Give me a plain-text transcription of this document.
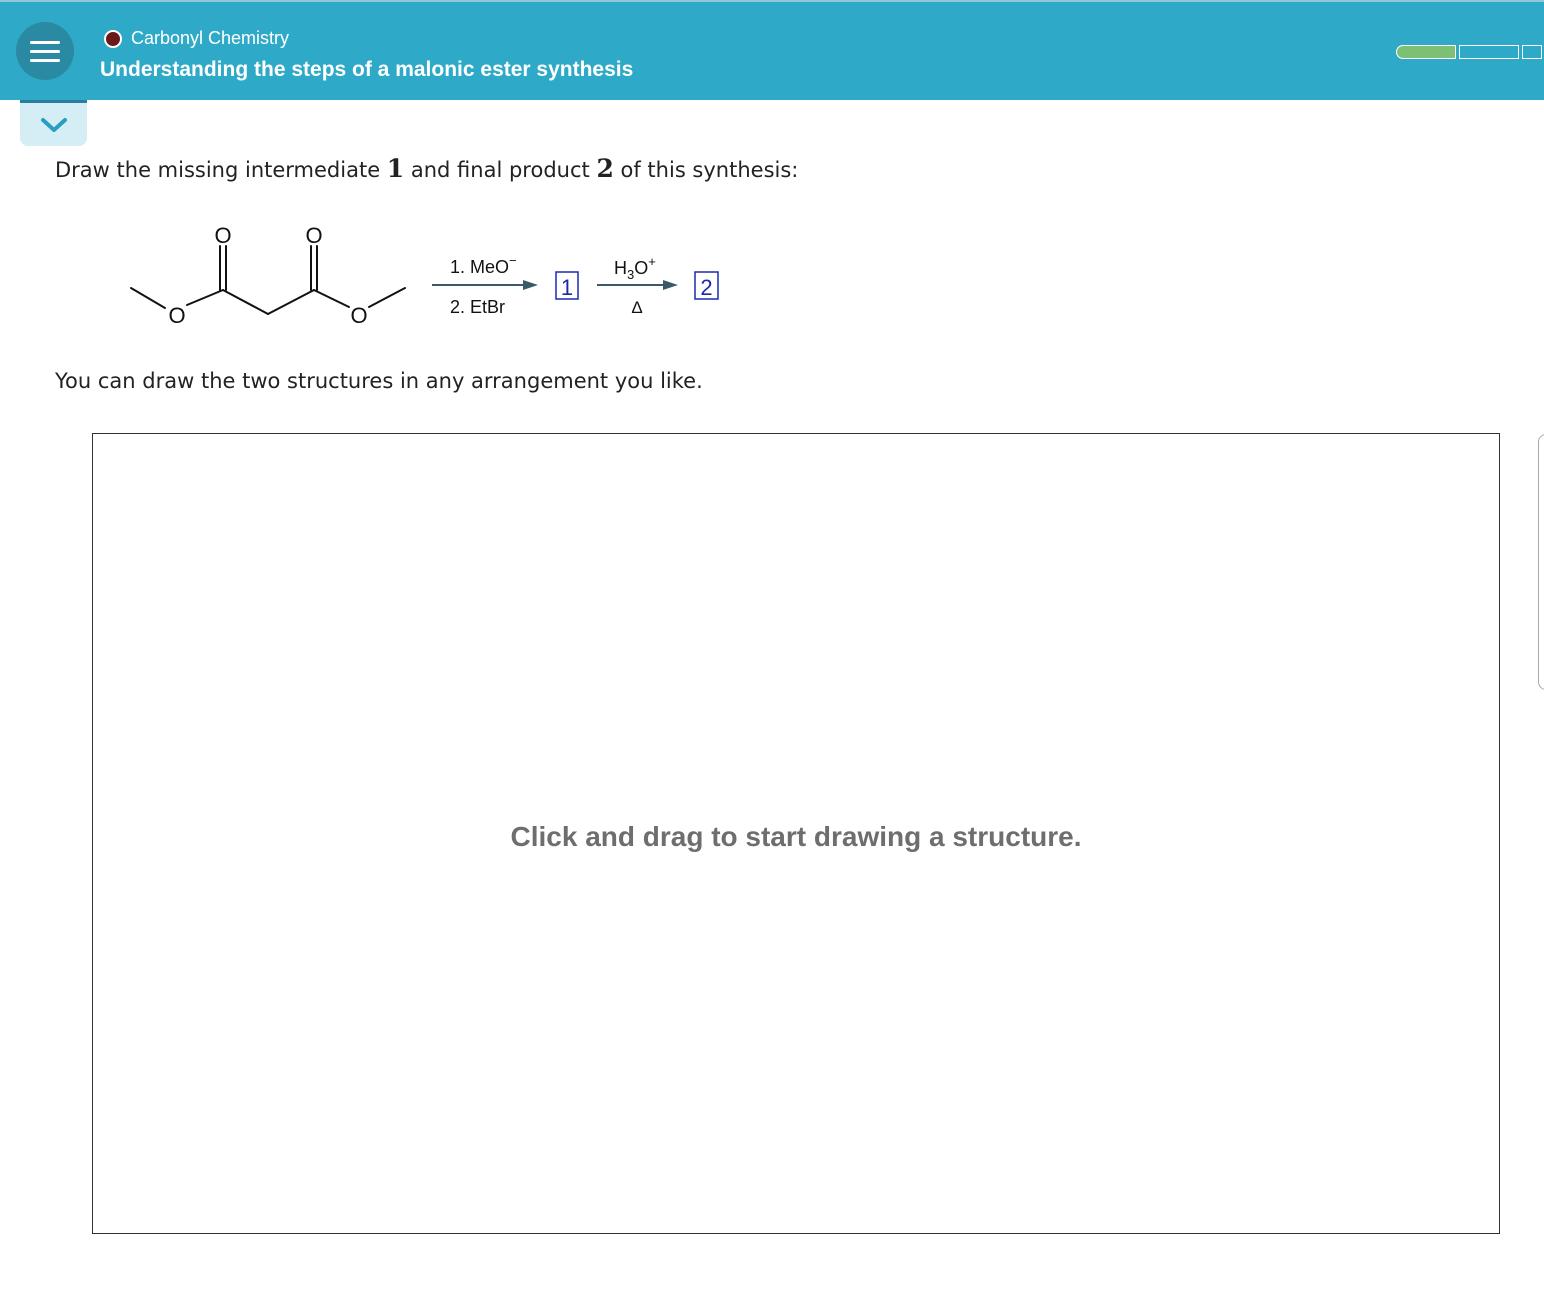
Carbonyl Chemistry
Understanding the steps of a malonic ester synthesis
Draw the missing intermediate 1 and final product 2 of this synthesis:
O	O
O	O
1. MeO−
2. EtBr
1
$H_3O^+$
Δ
2
You can draw the two structures in any arrangement you like.
Click and drag to start drawing a structure.
